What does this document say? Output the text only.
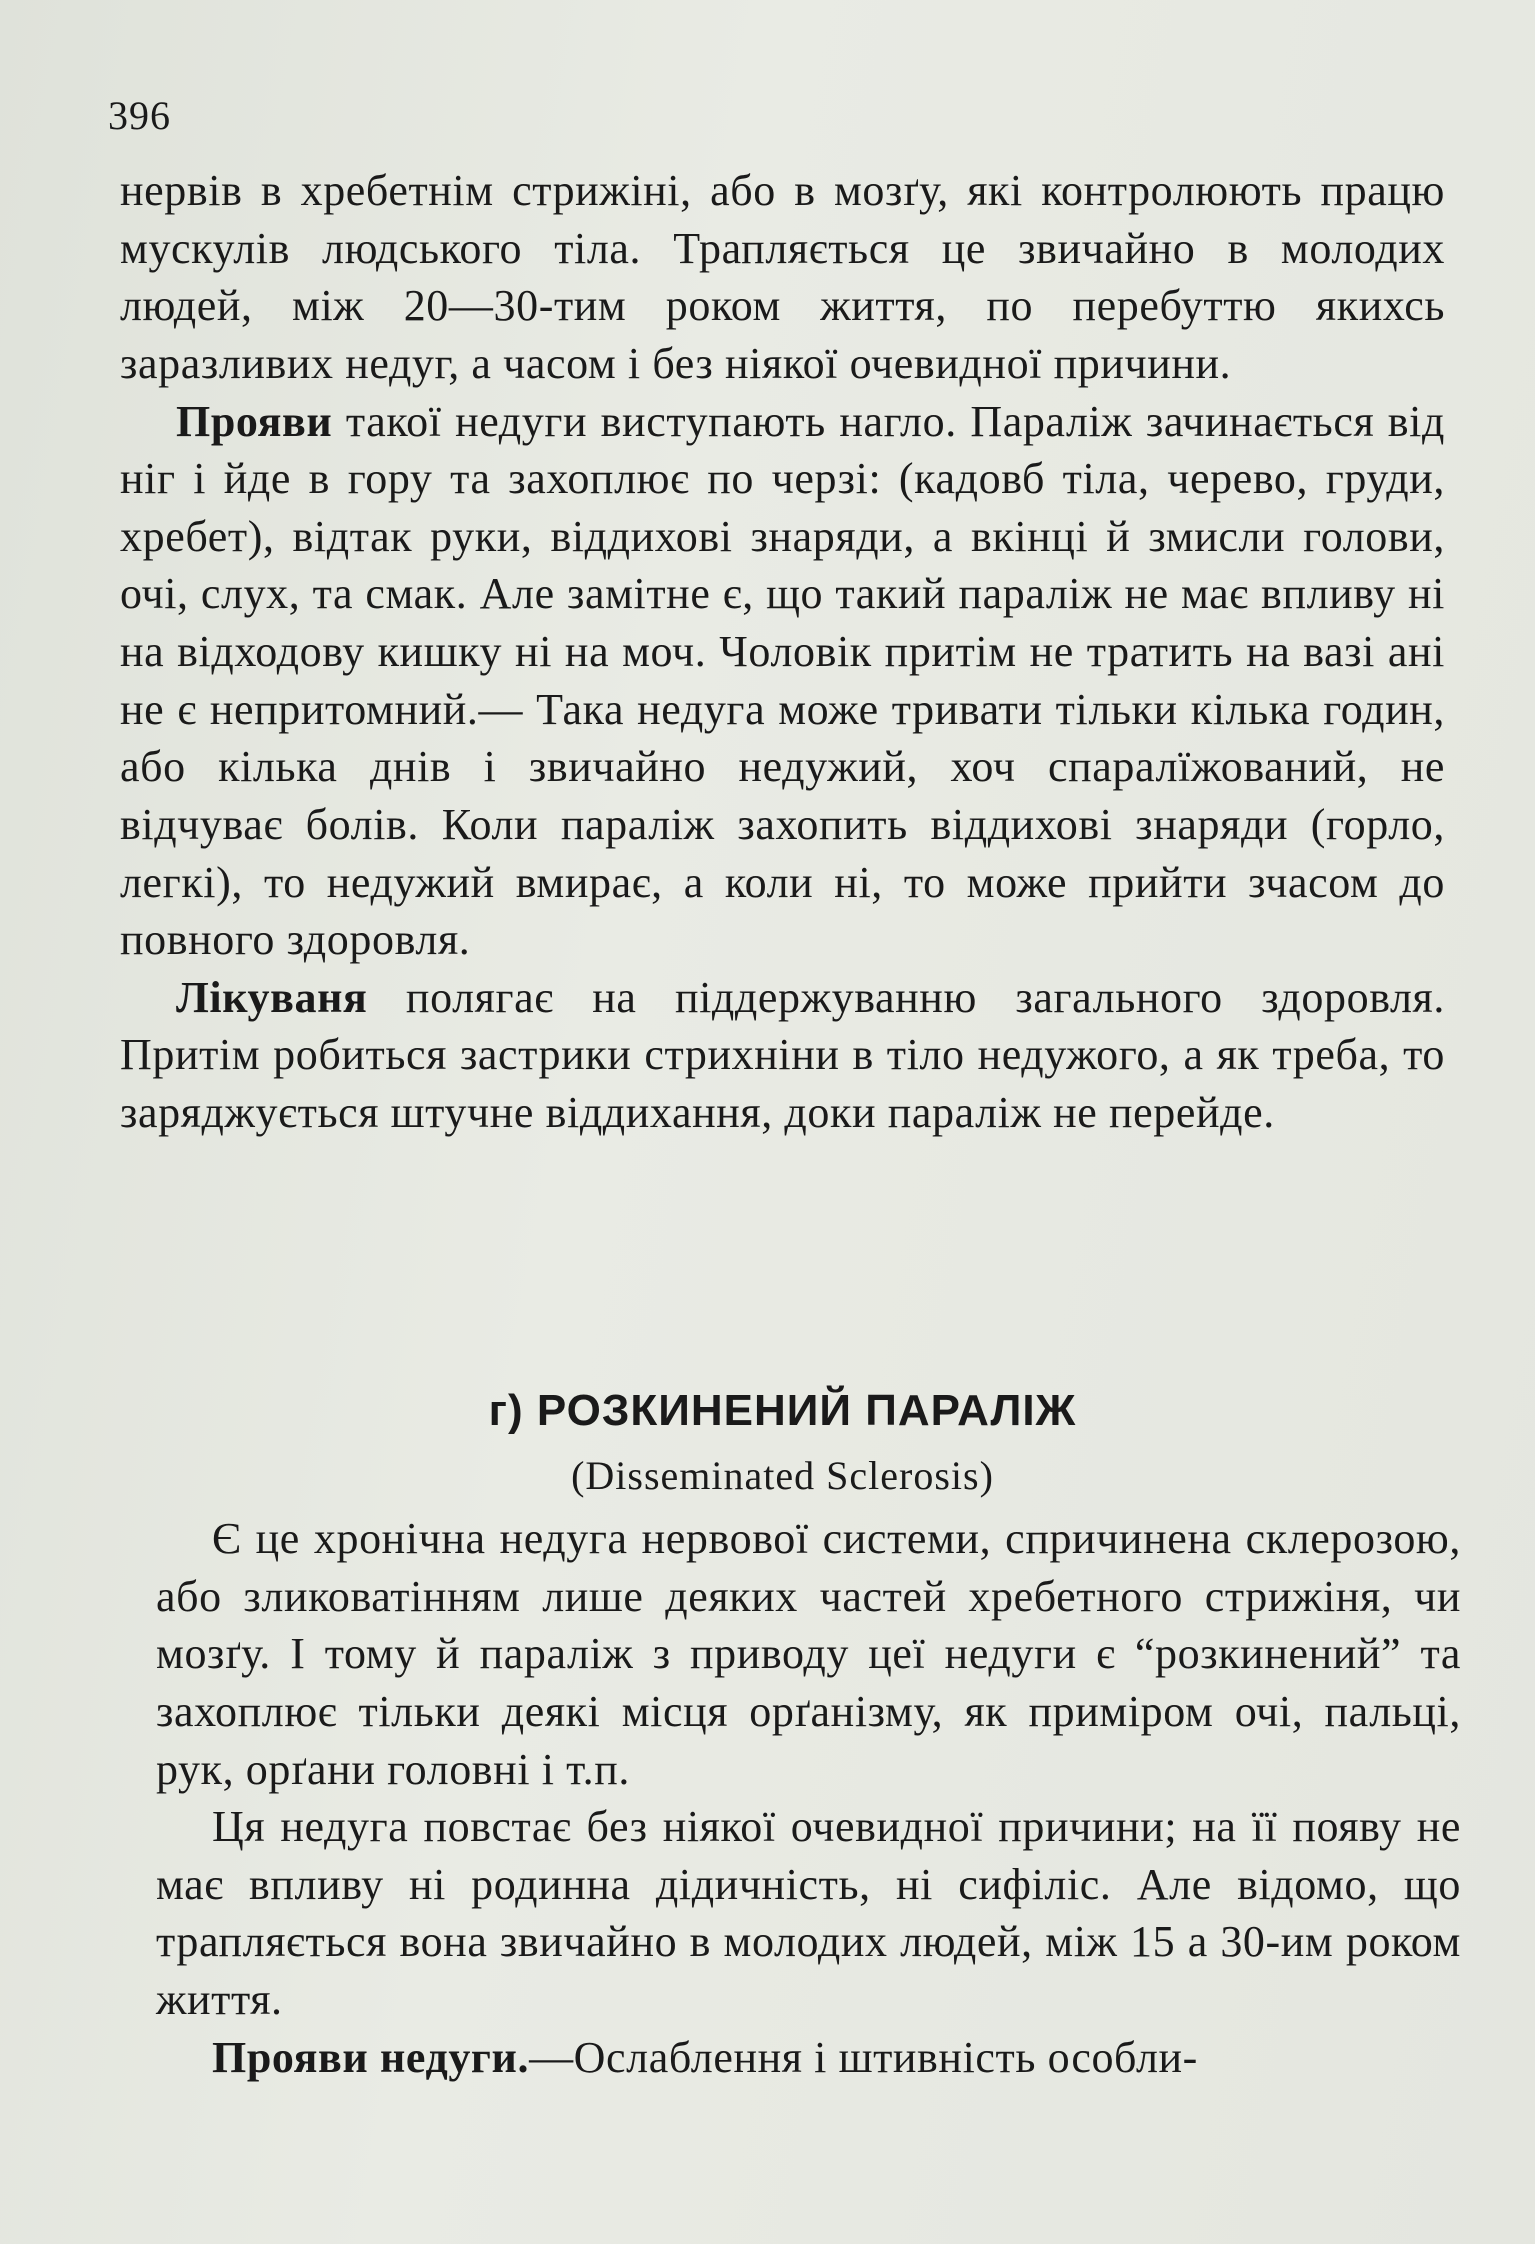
396

нервів в хребетнім стрижіні, або в мозґу, які контролюють працю мускулів людського тіла. Трапляється це звичайно в молодих людей, між 20—30-тим роком життя, по перебуттю якихсь заразливих недуг, а часом і без ніякої очевидної причини.

Прояви такої недуги виступають нагло. Параліж зачинається від ніг і йде в гору та захоплює по черзі: (кадовб тіла, черево, груди, хребет), відтак руки, віддихові знаряди, а вкінці й змисли голови, очі, слух, та смак. Але замітне є, що такий параліж не має впливу ні на відходову кишку ні на моч. Чоловік притім не тратить на вазі ані не є непритомний.— Така недуга може тривати тільки кілька годин, або кілька днів і звичайно недужий, хоч спаралїжований, не відчуває болів. Коли параліж захопить віддихові знаряди (горло, легкі), то недужий вмирає, а коли ні, то може прийти зчасом до повного здоровля.

Лікуваня полягає на піддержуванню загального здоровля. Притім робиться застрики стрихніни в тіло недужого, а як треба, то заряджується штучне віддихання, доки параліж не перейде.

г) РОЗКИНЕНИЙ ПАРАЛІЖ
(Disseminated Sclerosis)

Є це хронічна недуга нервової системи, спричинена склерозою, або зликоватінням лише деяких частей хребетного стрижіня, чи мозґу. І тому й параліж з приводу цеї недуги є “розкинений” та захоплює тільки деякі місця орґанізму, як приміром очі, пальці, рук, орґани головні і т.п.

Ця недуга повстає без ніякої очевидної причини; на її появу не має впливу ні родинна дідичність, ні сифіліс. Але відомо, що трапляється вона звичайно в молодих людей, між 15 а 30-им роком життя.

Прояви недуги.—Ослаблення і штивність особли-
